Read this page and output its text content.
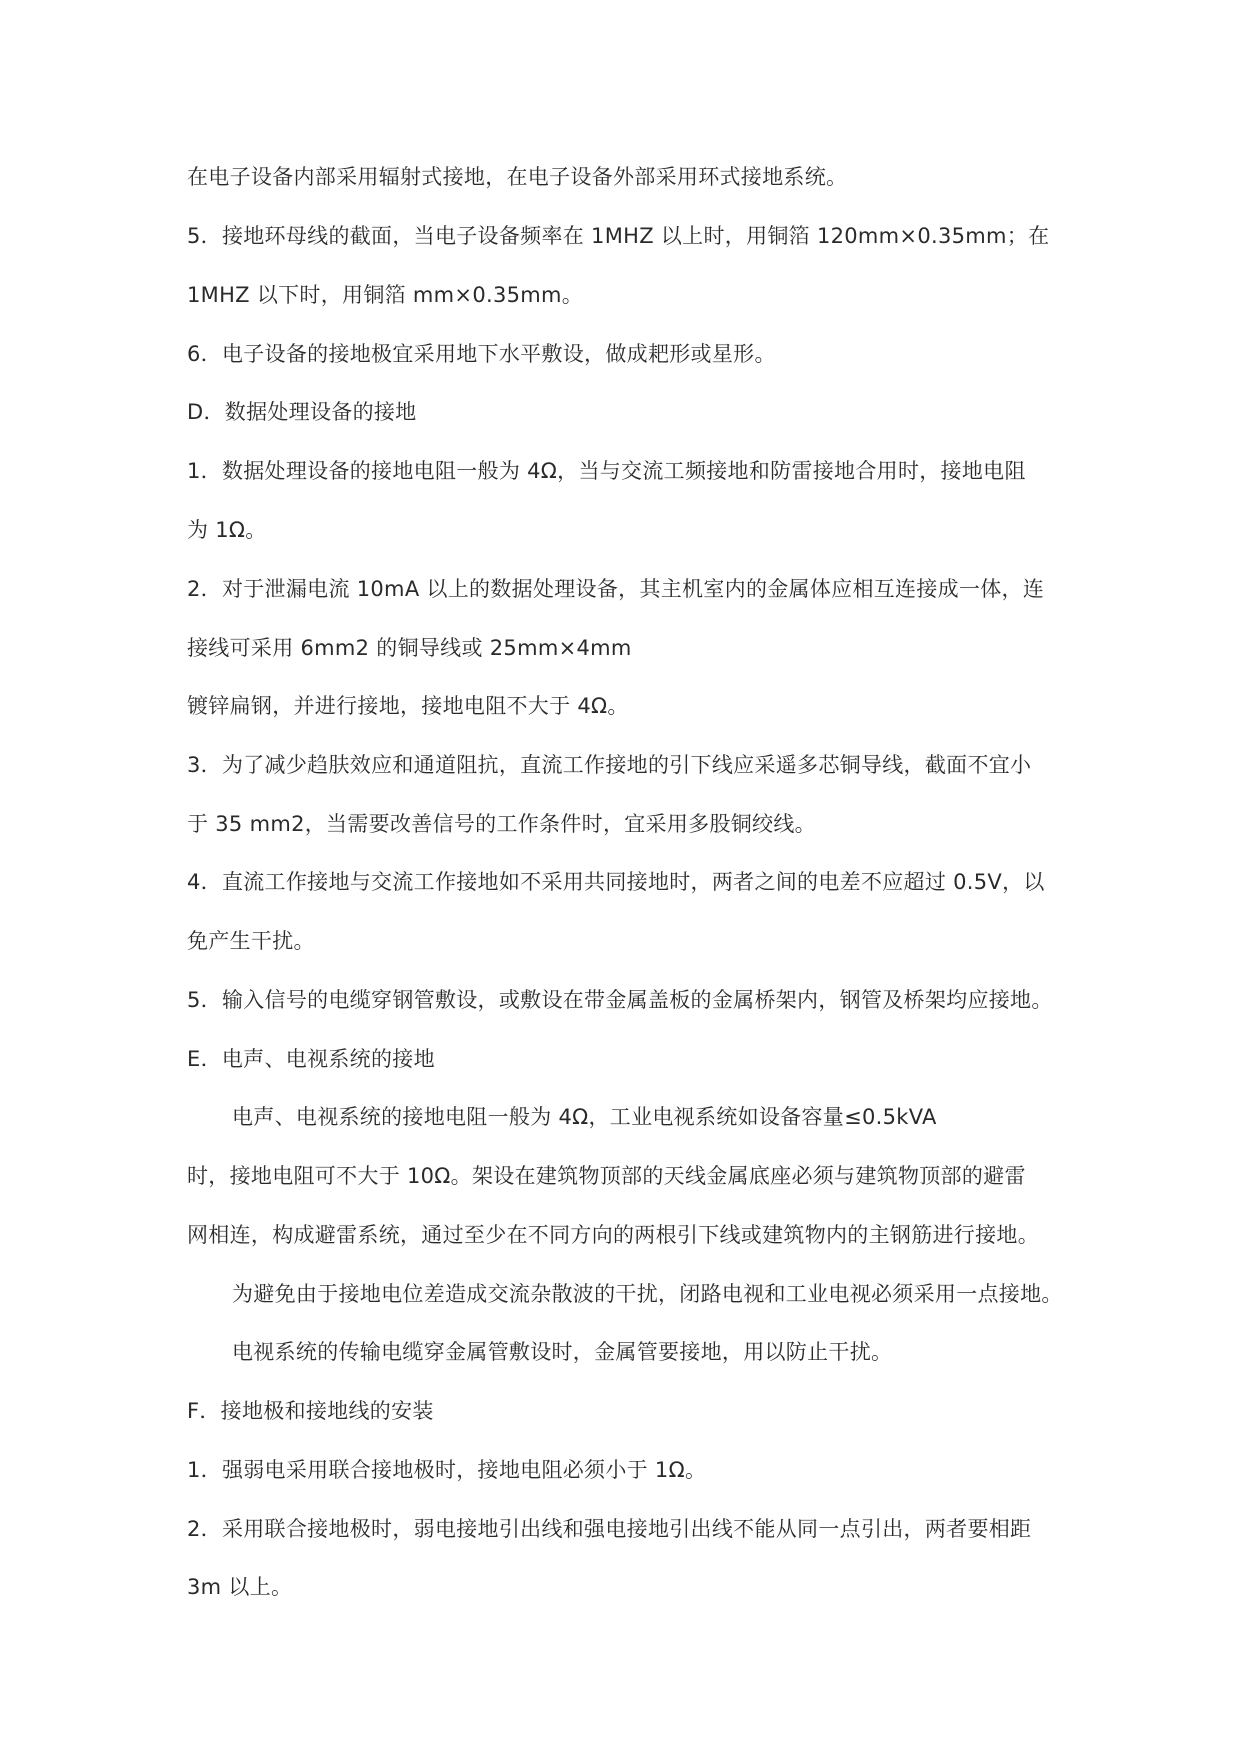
在电子设备内部采用辐射式接地，在电子设备外部采用环式接地系统。
5．接地环母线的截面，当电子设备频率在 1MHZ 以上时，用铜箔 120mm×0.35mm；在
1MHZ 以下时，用铜箔 mm×0.35mm。
6．电子设备的接地极宜采用地下水平敷设，做成耙形或星形。
D．数据处理设备的接地
1．数据处理设备的接地电阻一般为 4Ω，当与交流工频接地和防雷接地合用时，接地电阻
为 1Ω。
2．对于泄漏电流 10mA 以上的数据处理设备，其主机室内的金属体应相互连接成一体，连
接线可采用 6mm2 的铜导线或 25mm×4mm
镀锌扁钢，并进行接地，接地电阻不大于 4Ω。
3．为了减少趋肤效应和通道阻抗，直流工作接地的引下线应采遥多芯铜导线，截面不宜小
于 35 mm2，当需要改善信号的工作条件时，宜采用多股铜绞线。
4．直流工作接地与交流工作接地如不采用共同接地时，两者之间的电差不应超过 0.5V，以
免产生干扰。
5．输入信号的电缆穿钢管敷设，或敷设在带金属盖板的金属桥架内，钢管及桥架均应接地。
E．电声、电视系统的接地
电声、电视系统的接地电阻一般为 4Ω，工业电视系统如设备容量≤0.5kVA
时，接地电阻可不大于 10Ω。架设在建筑物顶部的天线金属底座必须与建筑物顶部的避雷
网相连，构成避雷系统，通过至少在不同方向的两根引下线或建筑物内的主钢筋进行接地。
为避免由于接地电位差造成交流杂散波的干扰，闭路电视和工业电视必须采用一点接地。
电视系统的传输电缆穿金属管敷设时，金属管要接地，用以防止干扰。
F．接地极和接地线的安装
1．强弱电采用联合接地极时，接地电阻必须小于 1Ω。
2．采用联合接地极时，弱电接地引出线和强电接地引出线不能从同一点引出，两者要相距
3m 以上。
